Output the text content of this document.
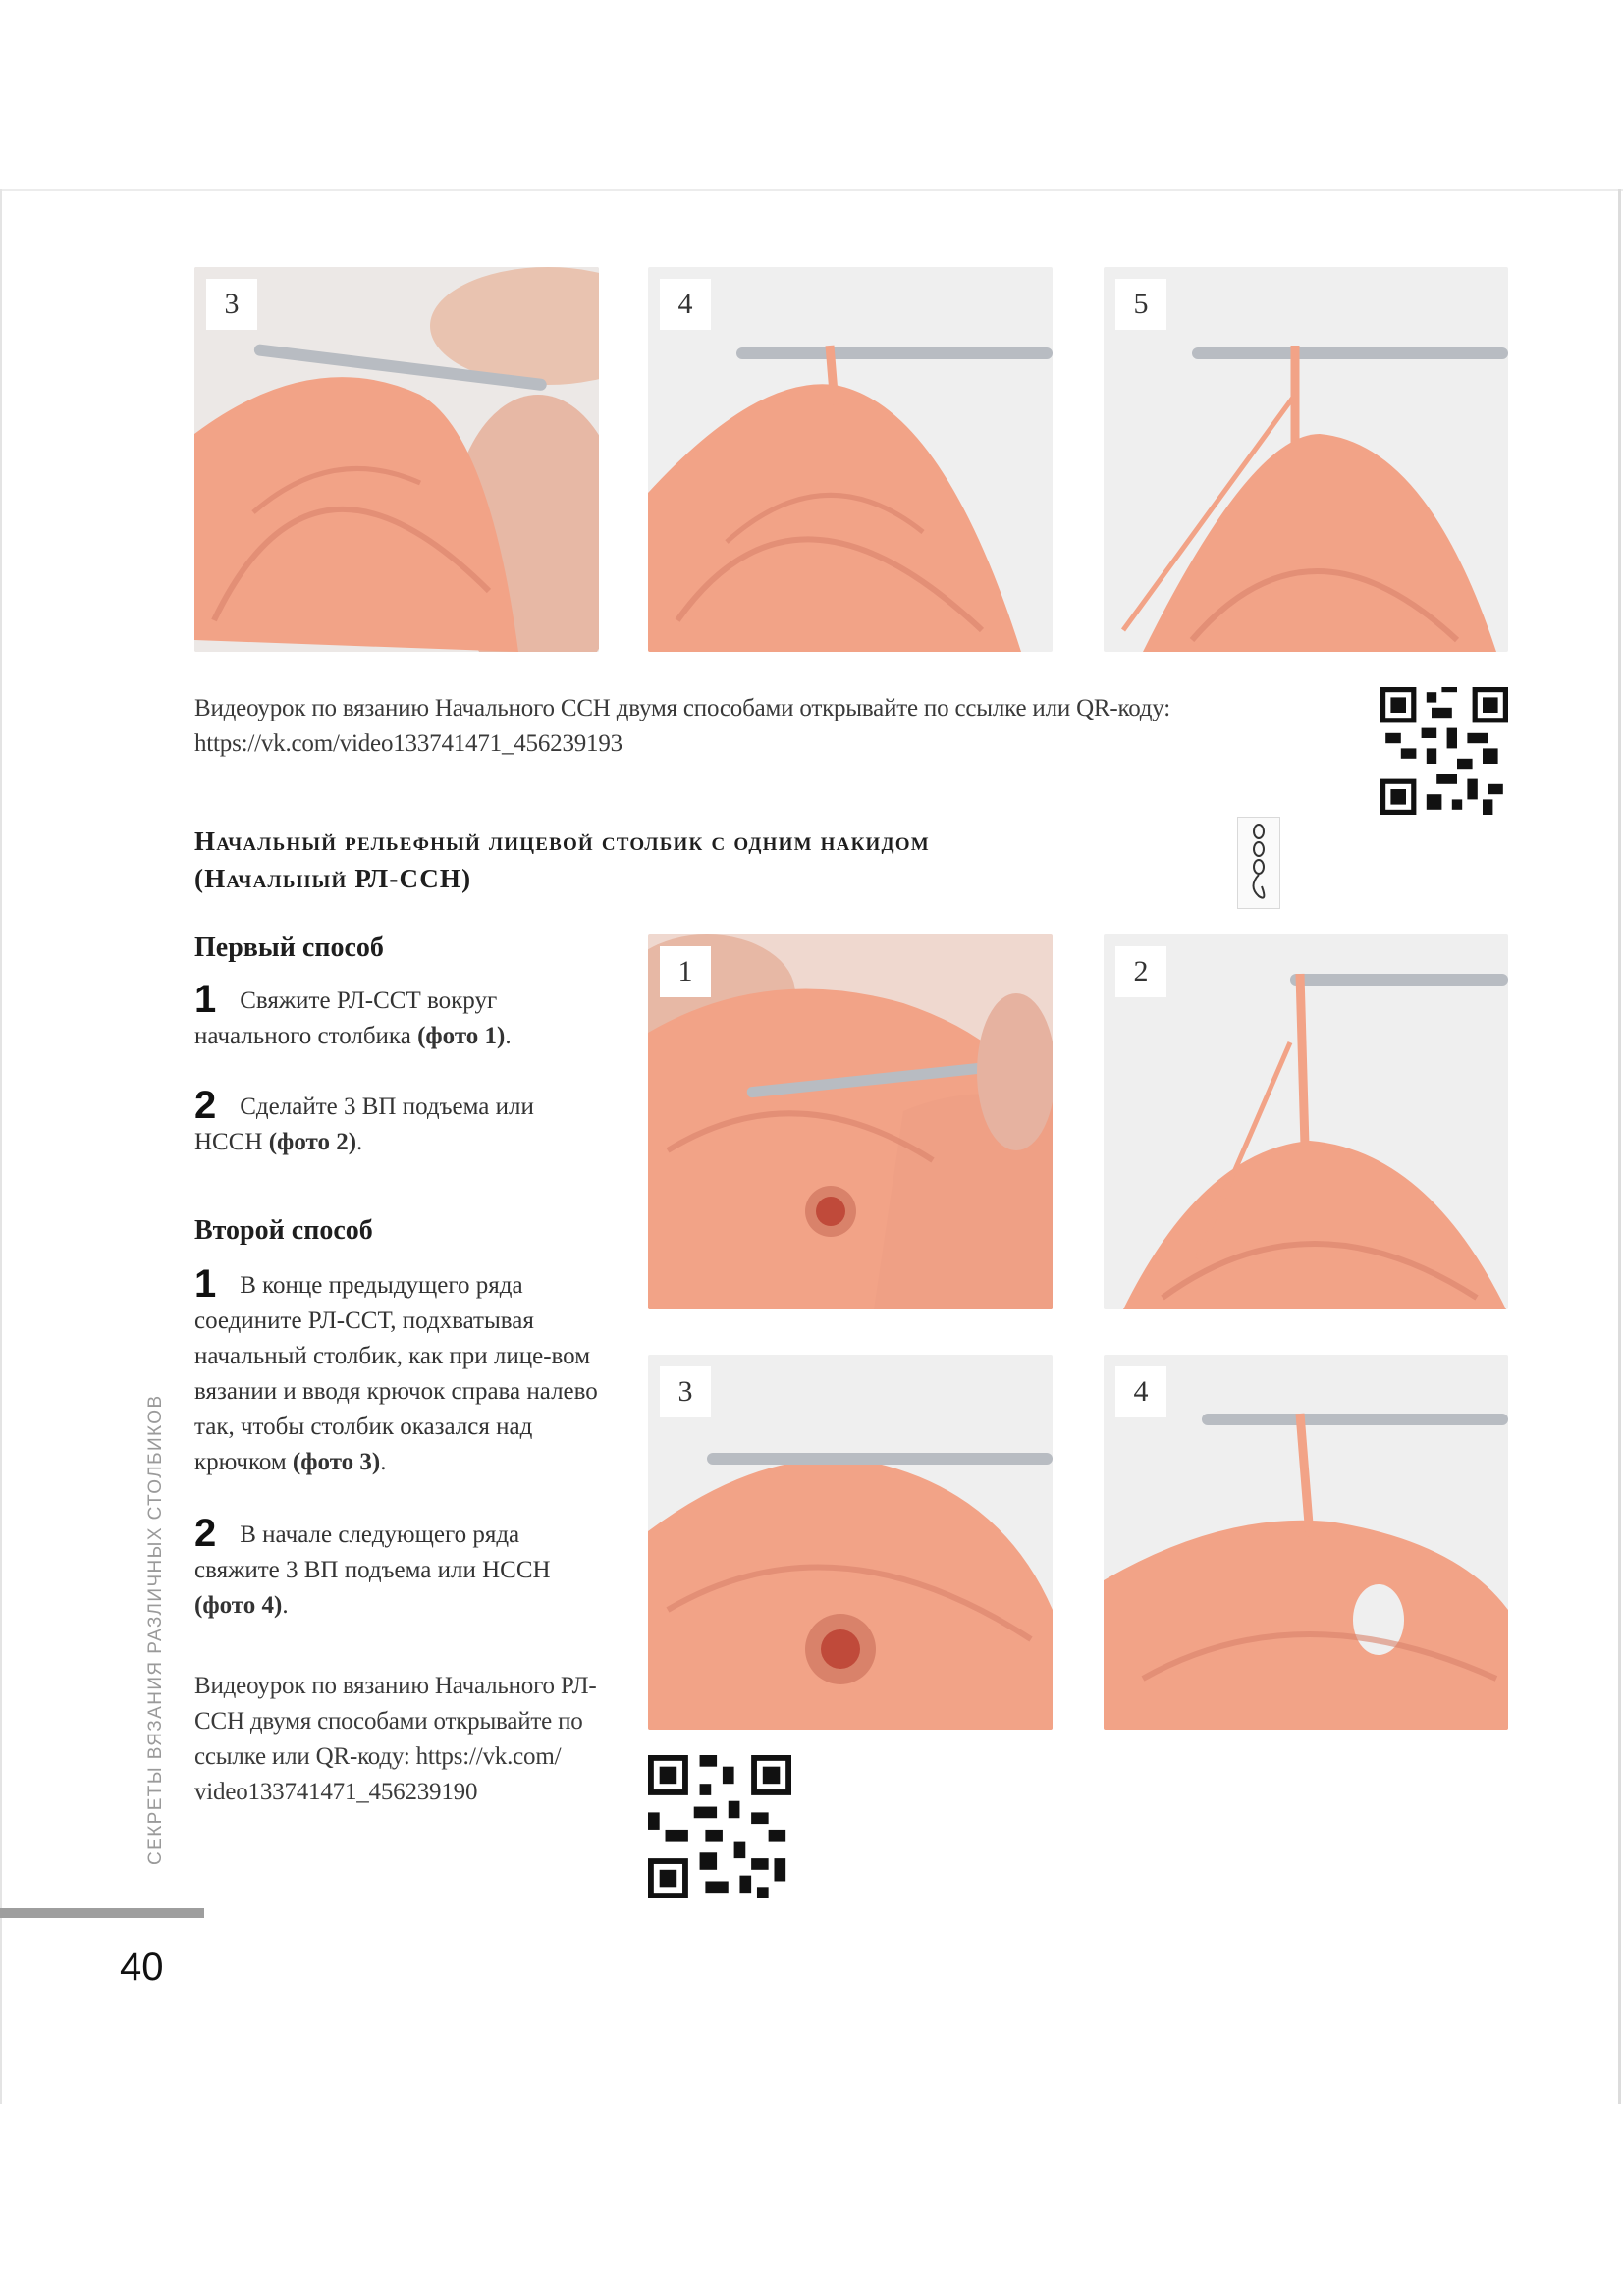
3	4	5
Видеоурок по вязанию Начального ССН двумя способами открывайте по ссылке или QR-коду:
https://vk.com/video133741471_456239193
Начальный рельефный лицевой столбик с одним накидом
(Начальный РЛ-ССН)
Первый способ
1 Свяжите РЛ-ССТ вокруг начального столбика (фото 1).
2 Сделайте 3 ВП подъема или НССН (фото 2).
Второй способ
1 В конце предыдущего ряда соедините РЛ-ССТ, подхватывая начальный столбик, как при лице-вом вязании и вводя крючок справа налево так, чтобы столбик оказался над крючком (фото 3).
2 В начале следующего ряда свяжите 3 ВП подъема или НССН (фото 4).
Видеоурок по вязанию Начального РЛ-ССН двумя способами открывайте по ссылке или QR-коду: https://vk.com/ video133741471_456239190
1	2
3	4
СЕКРЕТЫ ВЯЗАНИЯ РАЗЛИЧНЫХ СТОЛБИКОВ
40
